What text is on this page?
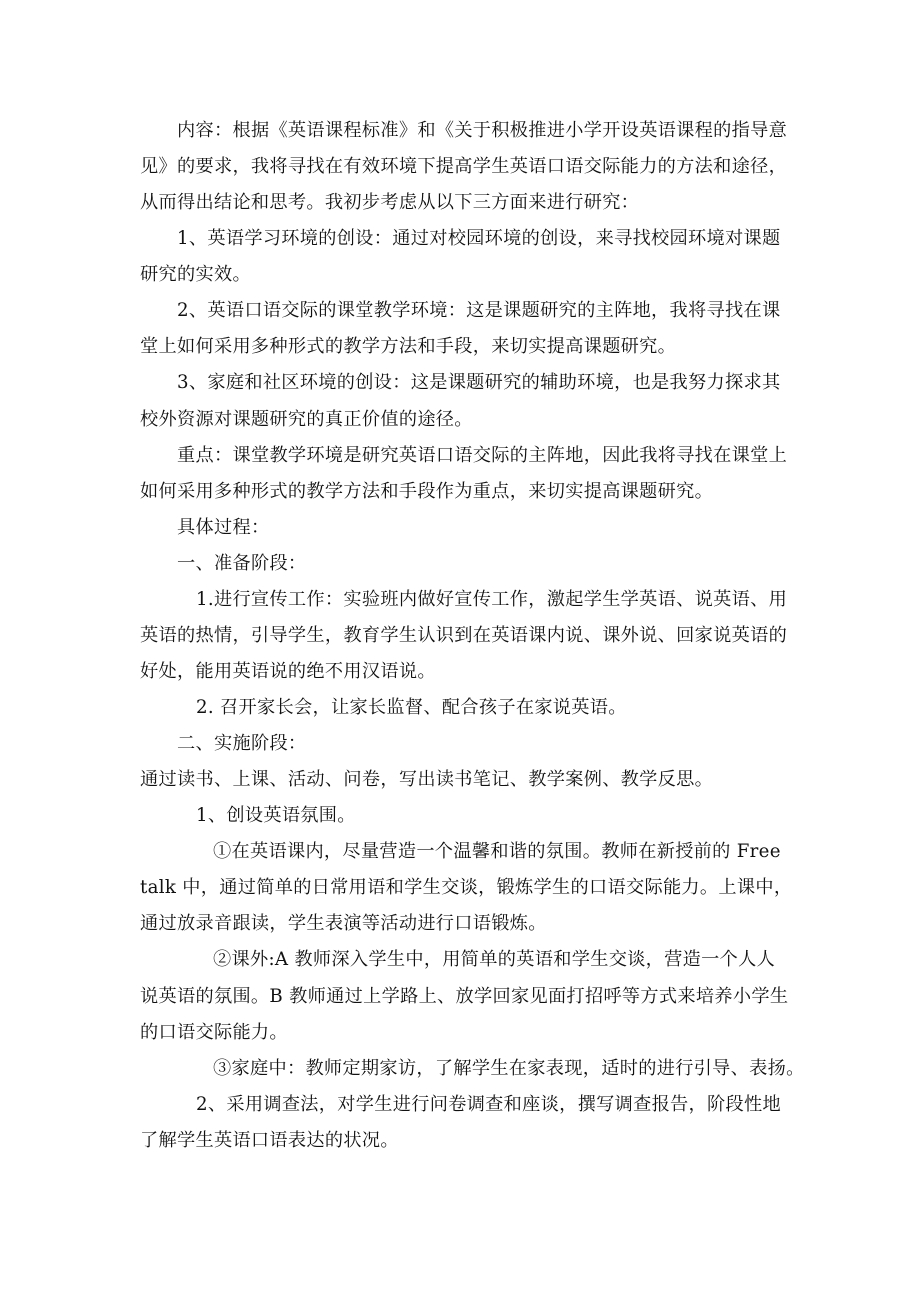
内容：根据《英语课程标准》和《关于积极推进小学开设英语课程的指导意
见》的要求，我将寻找在有效环境下提高学生英语口语交际能力的方法和途径，
从而得出结论和思考。我初步考虑从以下三方面来进行研究：
1、英语学习环境的创设：通过对校园环境的创设，来寻找校园环境对课题
研究的实效。
2、英语口语交际的课堂教学环境：这是课题研究的主阵地，我将寻找在课
堂上如何采用多种形式的教学方法和手段，来切实提高课题研究。
3、家庭和社区环境的创设：这是课题研究的辅助环境，也是我努力探求其
校外资源对课题研究的真正价值的途径。
重点：课堂教学环境是研究英语口语交际的主阵地，因此我将寻找在课堂上
如何采用多种形式的教学方法和手段作为重点，来切实提高课题研究。
具体过程：
一、准备阶段：
1.进行宣传工作：实验班内做好宣传工作，激起学生学英语、说英语、用
英语的热情，引导学生，教育学生认识到在英语课内说、课外说、回家说英语的
好处，能用英语说的绝不用汉语说。
2. 召开家长会，让家长监督、配合孩子在家说英语。
二、实施阶段：
通过读书、上课、活动、问卷，写出读书笔记、教学案例、教学反思。
1、创设英语氛围。
①在英语课内，尽量营造一个温馨和谐的氛围。教师在新授前的 Free
talk 中，通过简单的日常用语和学生交谈，锻炼学生的口语交际能力。上课中，
通过放录音跟读，学生表演等活动进行口语锻炼。
②课外:A 教师深入学生中，用简单的英语和学生交谈，营造一个人人
说英语的氛围。B 教师通过上学路上、放学回家见面打招呼等方式来培养小学生
的口语交际能力。
③家庭中：教师定期家访，了解学生在家表现，适时的进行引导、表扬。
2、采用调查法，对学生进行问卷调查和座谈，撰写调查报告，阶段性地
了解学生英语口语表达的状况。
